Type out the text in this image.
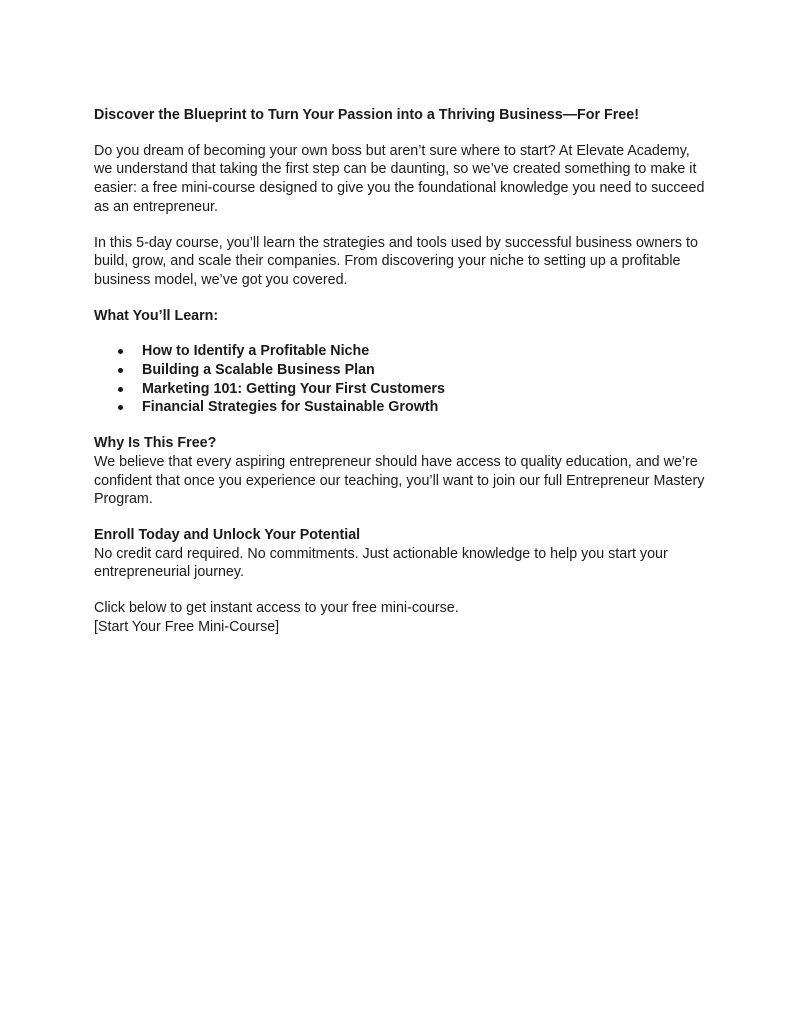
Discover the Blueprint to Turn Your Passion into a Thriving Business—For Free!

Do you dream of becoming your own boss but aren’t sure where to start? At Elevate Academy, we understand that taking the first step can be daunting, so we’ve created something to make it easier: a free mini-course designed to give you the foundational knowledge you need to succeed as an entrepreneur.

In this 5-day course, you’ll learn the strategies and tools used by successful business owners to build, grow, and scale their companies. From discovering your niche to setting up a profitable business model, we’ve got you covered.

What You’ll Learn:

How to Identify a Profitable Niche
Building a Scalable Business Plan
Marketing 101: Getting Your First Customers
Financial Strategies for Sustainable Growth

Why Is This Free?

We believe that every aspiring entrepreneur should have access to quality education, and we’re confident that once you experience our teaching, you’ll want to join our full Entrepreneur Mastery Program.

Enroll Today and Unlock Your Potential

No credit card required. No commitments. Just actionable knowledge to help you start your entrepreneurial journey.

Click below to get instant access to your free mini-course.

[Start Your Free Mini-Course]
